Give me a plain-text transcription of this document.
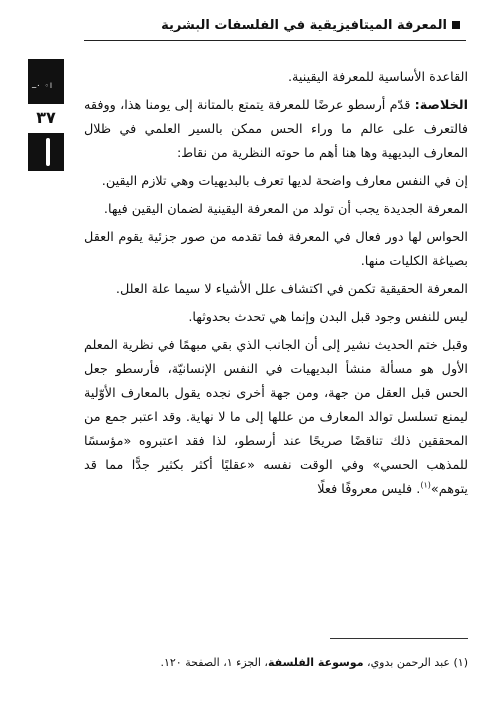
المعرفة الميتافيزيقية في الفلسفات البشرية
ا◦ ·ـ
٣٧

القاعدة الأساسية للمعرفة اليقينية.

الخلاصة: قدّم أرسطو عرضًا للمعرفة يتمتع بالمتانة إلى يومنا هذا، ووفقه فالتعرف على عالم ما وراء الحس ممكن بالسير العلمي في ظلال المعارف البديهية وها هنا أهم ما حوته النظرية من نقاط:

إن في النفس معارف واضحة لديها تعرف بالبديهيات وهي تلازم اليقين.

المعرفة الجديدة يجب أن تولد من المعرفة اليقينية لضمان اليقين فيها.

الحواس لها دور فعال في المعرفة فما تقدمه من صور جزئية يقوم العقل بصياغة الكليات منها.

المعرفة الحقيقية تكمن في اكتشاف علل الأشياء لا سيما علة العلل.

ليس للنفس وجود قبل البدن وإنما هي تحدث بحدوثها.

وقبل ختم الحديث نشير إلى أن الجانب الذي بقي مبهمًا في نظرية المعلم الأول هو مسألة منشأ البديهيات في النفس الإنسانيّة، فأرسطو جعل الحس قبل العقل من جهة، ومن جهة أخرى نجده يقول بالمعارف الأوّلية ليمنع تسلسل توالد المعارف من عللها إلى ما لا نهاية. وقد اعتبر جمع من المحققين ذلك تناقضًا صريحًا عند أرسطو، لذا فقد اعتبروه «مؤسسًا للمذهب الحسي» وفي الوقت نفسه «عقليًا أكثر بكثير جدًّا مما قد يتوهم»$^{(١)}$. فليس معروفًا فعلًا

(١) عبد الرحمن بدوي، موسوعة الفلسفة، الجزء ١، الصفحة ١٢٠.
